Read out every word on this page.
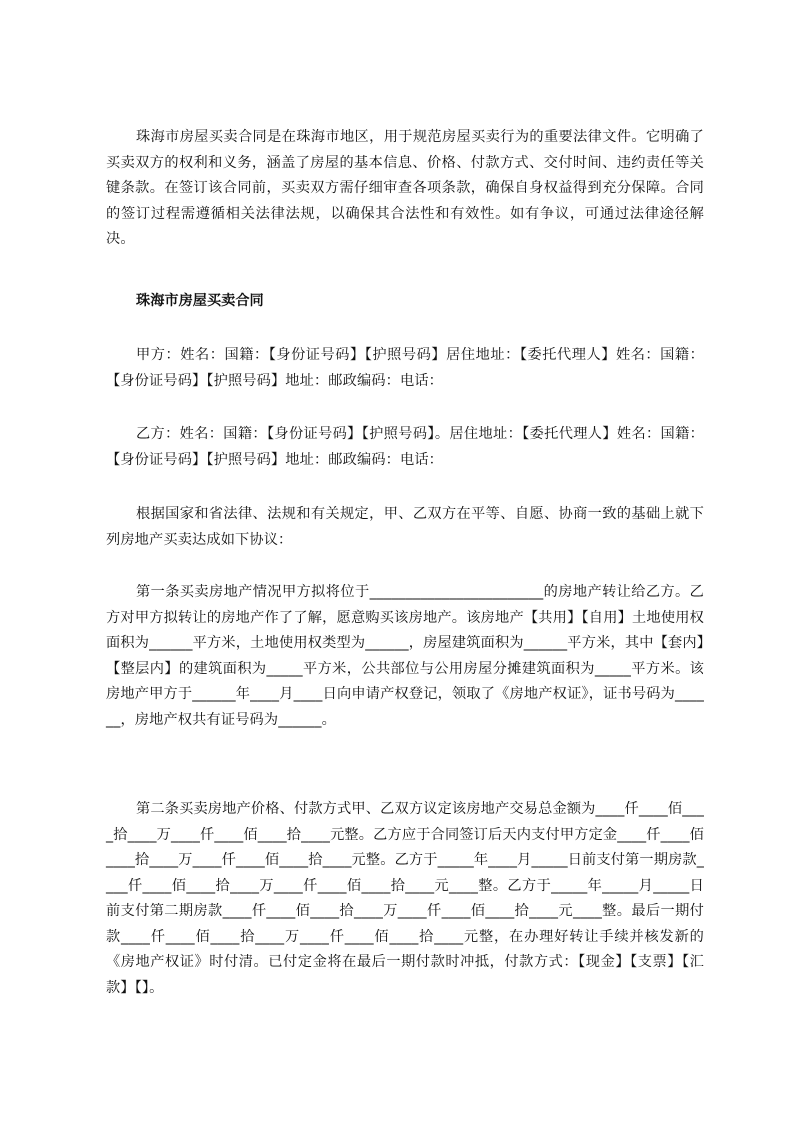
珠海市房屋买卖合同是在珠海市地区，用于规范房屋买卖行为的重要法律文件。它明确了买卖双方的权利和义务，涵盖了房屋的基本信息、价格、付款方式、交付时间、违约责任等关键条款。在签订该合同前，买卖双方需仔细审查各项条款，确保自身权益得到充分保障。合同的签订过程需遵循相关法律法规，以确保其合法性和有效性。如有争议，可通过法律途径解决。

珠海市房屋买卖合同

甲方：姓名：国籍：【身份证号码】【护照号码】居住地址：【委托代理人】姓名：国籍：【身份证号码】【护照号码】地址：邮政编码：电话：

乙方：姓名：国籍：【身份证号码】【护照号码】。居住地址：【委托代理人】姓名：国籍：【身份证号码】【护照号码】地址：邮政编码：电话：

根据国家和省法律、法规和有关规定，甲、乙双方在平等、自愿、协商一致的基础上就下列房地产买卖达成如下协议：

第一条买卖房地产情况甲方拟将位于________________________的房地产转让给乙方。乙方对甲方拟转让的房地产作了了解，愿意购买该房地产。该房地产【共用】【自用】土地使用权面积为______平方米，土地使用权类型为______，房屋建筑面积为______平方米，其中【套内】【整层内】的建筑面积为_____平方米，公共部位与公用房屋分摊建筑面积为_____平方米。该房地产甲方于______年____月____日向申请产权登记，领取了《房地产权证》，证书号码为______，房地产权共有证号码为______。

第二条买卖房地产价格、付款方式甲、乙双方议定该房地产交易总金额为____仟____佰____拾____万____仟____佰____拾____元整。乙方应于合同签订后天内支付甲方定金____仟____佰____拾____万____仟____佰____拾____元整。乙方于_____年____月_____日前支付第一期房款____仟____佰____拾____万____仟____佰____拾____元____整。乙方于_____年_____月_____日前支付第二期房款____仟____佰____拾____万____仟____佰____拾____元____整。最后一期付款____仟____佰____拾____万____仟____佰____拾____元整，在办理好转让手续并核发新的《房地产权证》时付清。已付定金将在最后一期付款时冲抵，付款方式：【现金】【支票】【汇款】【】。
